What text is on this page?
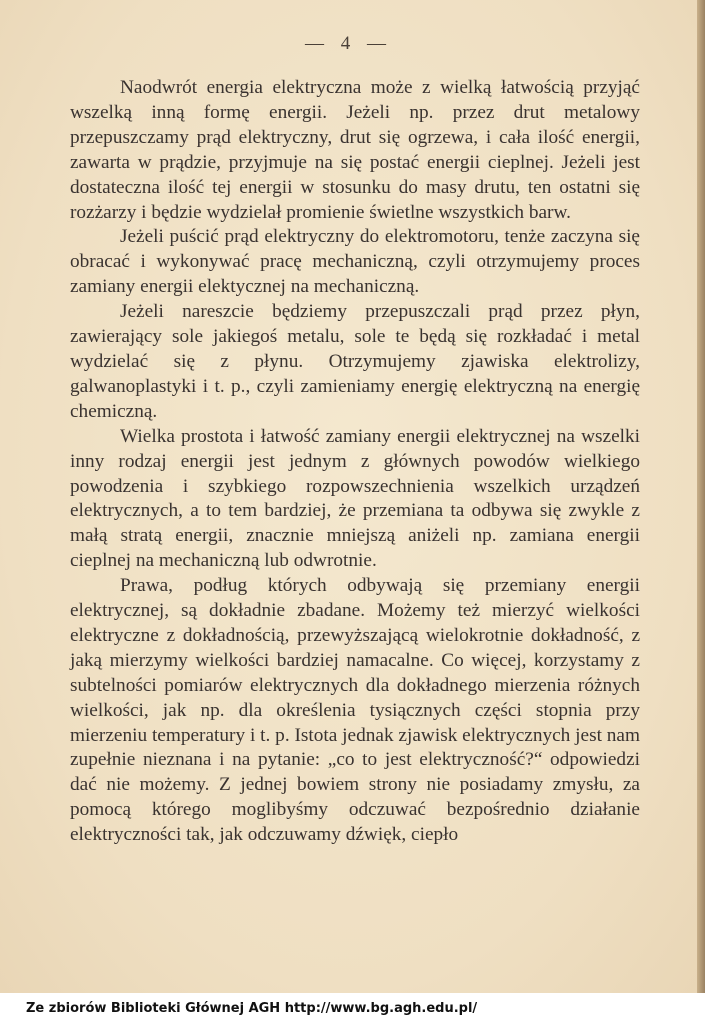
— 4 —

Naodwrót energia elektryczna może z wielką łatwością przyjąć wszelką inną formę energii. Jeżeli np. przez drut metalowy przepuszczamy prąd elektryczny, drut się ogrzewa, i cała ilość energii, zawarta w prądzie, przyjmuje na się postać energii cieplnej. Jeżeli jest dostateczna ilość tej energii w stosunku do masy drutu, ten ostatni się rozżarzy i będzie wydzielał promienie świetlne wszystkich barw.

Jeżeli puścić prąd elektryczny do elektromotoru, tenże zaczyna się obracać i wykonywać pracę mechaniczną, czyli otrzymujemy proces zamiany energii elektycznej na mechaniczną.

Jeżeli nareszcie będziemy przepuszczali prąd przez płyn, zawierający sole jakiegoś metalu, sole te będą się rozkładać i metal wydzielać się z płynu. Otrzymujemy zjawiska elektrolizy, galwanoplastyki i t. p., czyli zamieniamy energię elektryczną na energię chemiczną.

Wielka prostota i łatwość zamiany energii elektrycznej na wszelki inny rodzaj energii jest jednym z głównych powodów wielkiego powodzenia i szybkiego rozpowszechnienia wszelkich urządzeń elektrycznych, a to tem bardziej, że przemiana ta odbywa się zwykle z małą stratą energii, znacznie mniejszą aniżeli np. zamiana energii cieplnej na mechaniczną lub odwrotnie.

Prawa, podług których odbywają się przemiany energii elektrycznej, są dokładnie zbadane. Możemy też mierzyć wielkości elektryczne z dokładnością, przewyższającą wielokrotnie dokładność, z jaką mierzymy wielkości bardziej namacalne. Co więcej, korzystamy z subtelności pomiarów elektrycznych dla dokładnego mierzenia różnych wielkości, jak np. dla określenia tysiącznych części stopnia przy mierzeniu temperatury i t. p. Istota jednak zjawisk elektrycznych jest nam zupełnie nieznana i na pytanie: „co to jest elektryczność?“ odpowiedzi dać nie możemy. Z jednej bowiem strony nie posiadamy zmysłu, za pomocą którego moglibyśmy odczuwać bezpośrednio działanie elektryczności tak, jak odczuwamy dźwięk, ciepło

Ze zbiorów Biblioteki Głównej AGH http://www.bg.agh.edu.pl/
